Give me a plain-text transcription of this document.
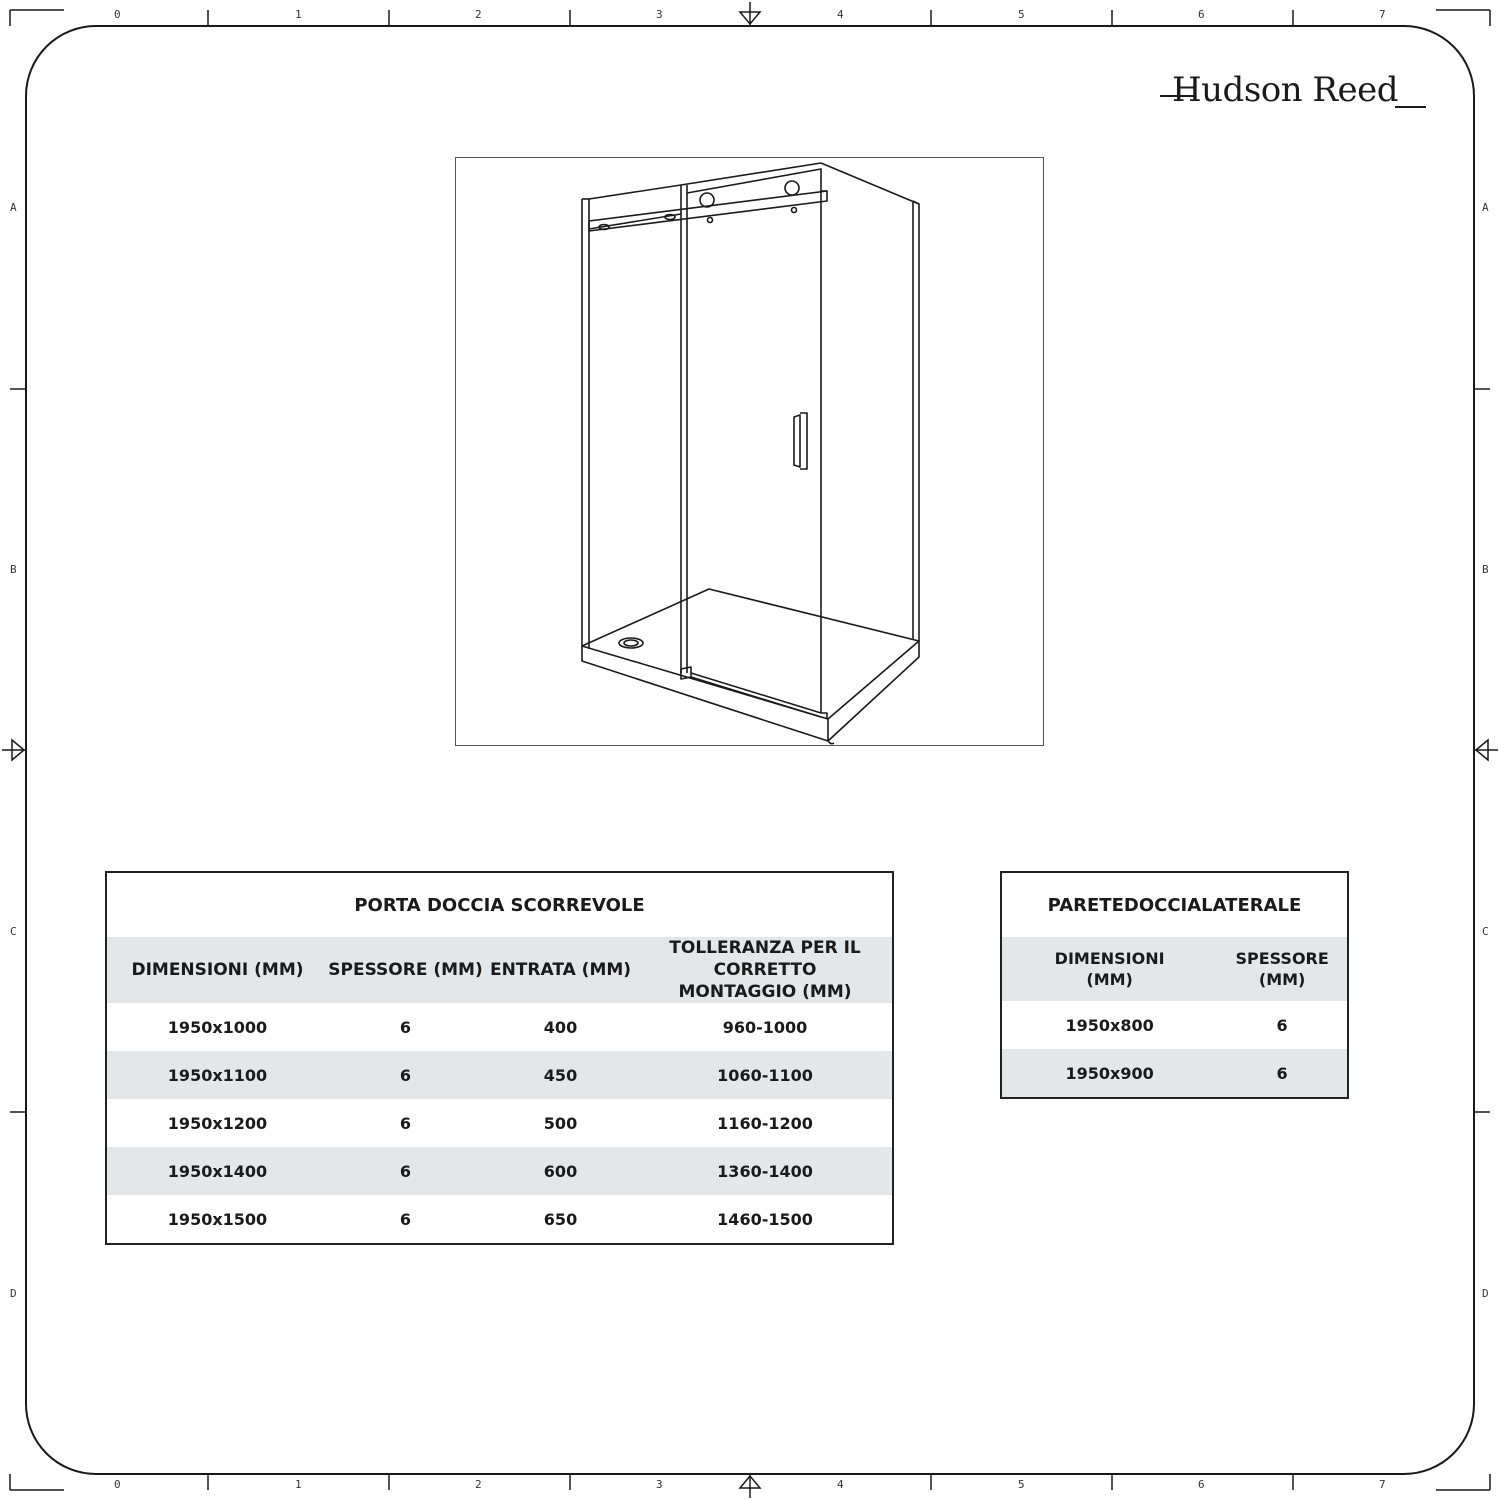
0	1	2	3	4	5	6	7
0	1	2	3	4	5	6	7
A
B
C
D
A
B
C
D
Hudson Reed
PORTA DOCCIA SCORREVOLE			
DIMENSIONI (MM)	SPESSORE (MM)	ENTRATA (MM)	TOLLERANZA PER IL CORRETTO MONTAGGIO (MM)
1950x1000	6	400	960-1000
1950x1100	6	450	1060-1100
1950x1200	6	500	1160-1200
1950x1400	6	600	1360-1400
1950x1500	6	650	1460-1500
PARETEDOCCIALATERALE	
DIMENSIONI (MM)	SPESSORE (MM)
1950x800	6
1950x900	6
